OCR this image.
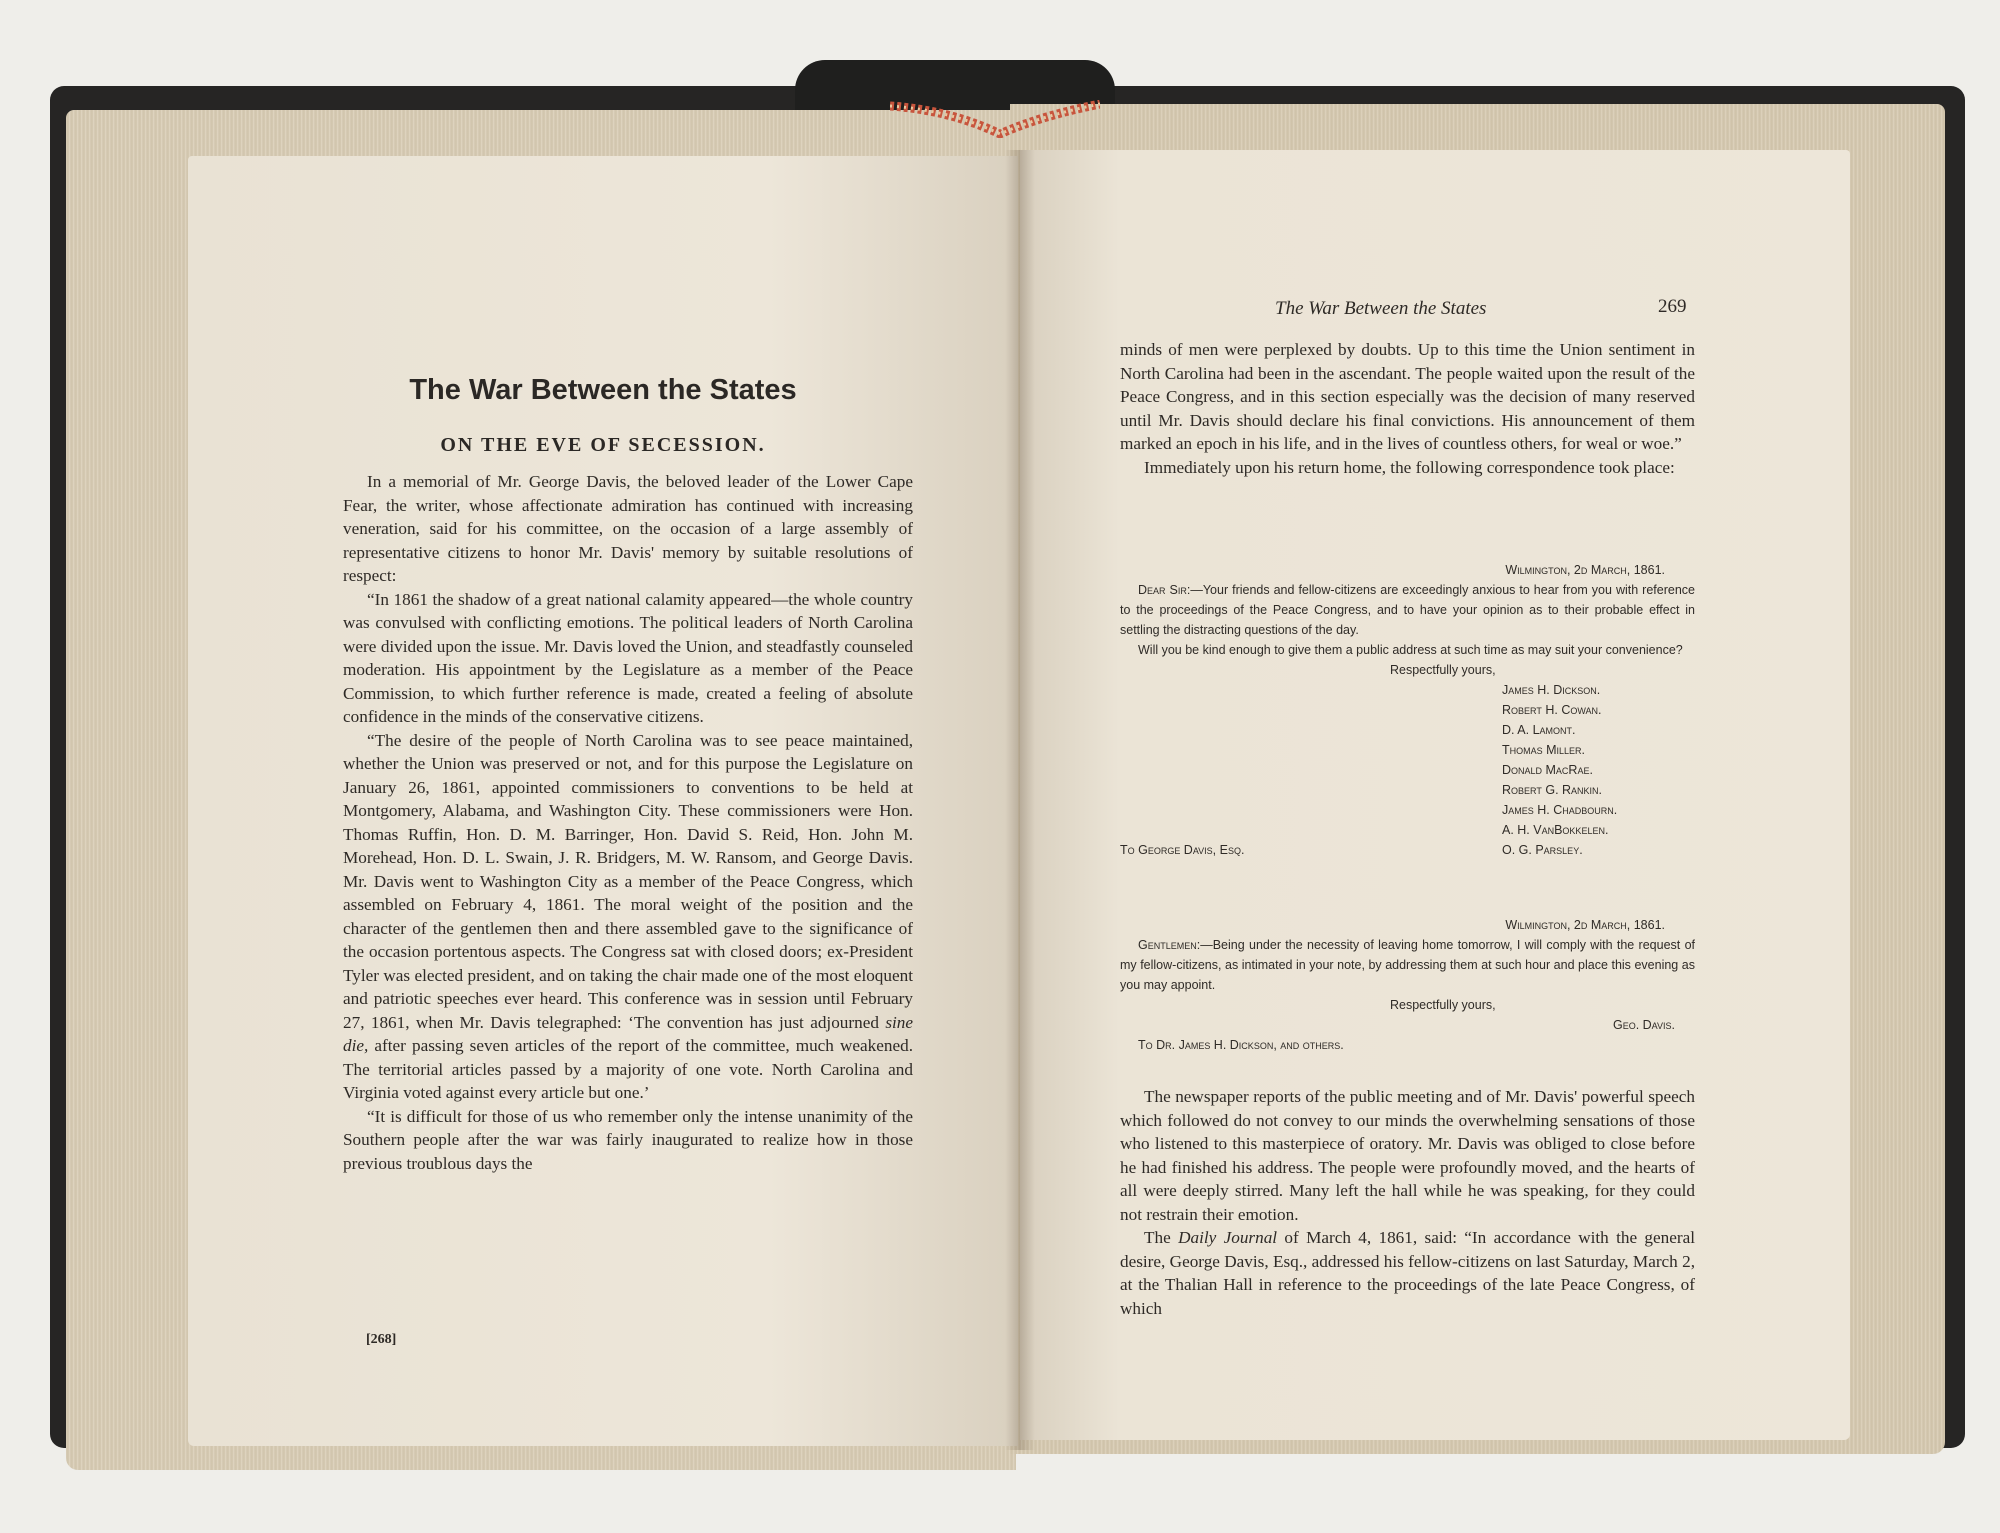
The War Between the States
ON THE EVE OF SECESSION.

In a memorial of Mr. George Davis, the beloved leader of the Lower Cape Fear, the writer, whose affectionate admiration has continued with increasing veneration, said for his committee, on the occasion of a large assembly of representative citizens to honor Mr. Davis' memory by suitable resolutions of respect:

“In 1861 the shadow of a great national calamity appeared—the whole country was convulsed with conflicting emotions. The political leaders of North Carolina were divided upon the issue. Mr. Davis loved the Union, and steadfastly counseled moderation. His appointment by the Legislature as a member of the Peace Commission, to which further reference is made, created a feeling of absolute confidence in the minds of the conservative citizens.

“The desire of the people of North Carolina was to see peace maintained, whether the Union was preserved or not, and for this purpose the Legislature on January 26, 1861, appointed commissioners to conventions to be held at Montgomery, Alabama, and Washington City. These commissioners were Hon. Thomas Ruffin, Hon. D. M. Barringer, Hon. David S. Reid, Hon. John M. Morehead, Hon. D. L. Swain, J. R. Bridgers, M. W. Ransom, and George Davis. Mr. Davis went to Washington City as a member of the Peace Congress, which assembled on February 4, 1861. The moral weight of the position and the character of the gentlemen then and there assembled gave to the significance of the occasion portentous aspects. The Congress sat with closed doors; ex-President Tyler was elected president, and on taking the chair made one of the most eloquent and patriotic speeches ever heard. This conference was in session until February 27, 1861, when Mr. Davis telegraphed: ‘The convention has just adjourned sine die, after passing seven articles of the report of the committee, much weakened. The territorial articles passed by a majority of one vote. North Carolina and Virginia voted against every article but one.’

“It is difficult for those of us who remember only the intense unanimity of the Southern people after the war was fairly inaugurated to realize how in those previous troublous days the

[268]
The War Between the States	269

minds of men were perplexed by doubts. Up to this time the Union sentiment in North Carolina had been in the ascendant. The people waited upon the result of the Peace Congress, and in this section especially was the decision of many reserved until Mr. Davis should declare his final convictions. His announcement of them marked an epoch in his life, and in the lives of countless others, for weal or woe.”

Immediately upon his return home, the following correspondence took place:

Wilmington, 2d March, 1861.

Dear Sir:—Your friends and fellow-citizens are exceedingly anxious to hear from you with reference to the proceedings of the Peace Congress, and to have your opinion as to their probable effect in settling the distracting questions of the day.

Will you be kind enough to give them a public address at such time as may suit your convenience?

Respectfully yours,
James H. Dickson.
Robert H. Cowan.
D. A. Lamont.
Thomas Miller.
Donald MacRae.
Robert G. Rankin.
James H. Chadbourn.
A. H. VanBokkelen.
O. G. Parsley.
To George Davis, Esq.
Wilmington, 2d March, 1861.

Gentlemen:—Being under the necessity of leaving home tomorrow, I will comply with the request of my fellow-citizens, as intimated in your note, by addressing them at such hour and place this evening as you may appoint.

Respectfully yours,
Geo. Davis.
To Dr. James H. Dickson, and others.

The newspaper reports of the public meeting and of Mr. Davis' powerful speech which followed do not convey to our minds the overwhelming sensations of those who listened to this masterpiece of oratory. Mr. Davis was obliged to close before he had finished his address. The people were profoundly moved, and the hearts of all were deeply stirred. Many left the hall while he was speaking, for they could not restrain their emotion.

The Daily Journal of March 4, 1861, said: “In accordance with the general desire, George Davis, Esq., addressed his fellow-citizens on last Saturday, March 2, at the Thalian Hall in reference to the proceedings of the late Peace Congress, of which
